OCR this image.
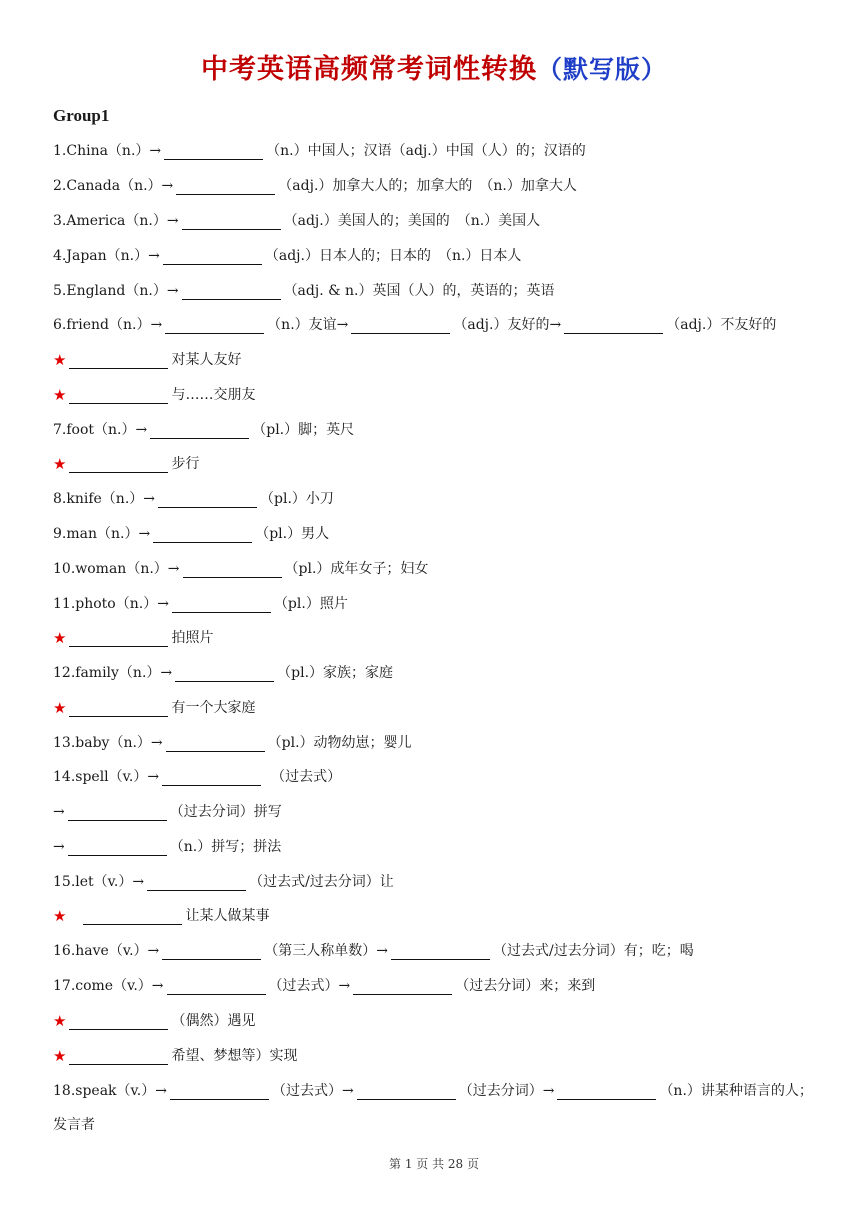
中考英语高频常考词性转换（默写版）
Group1
1.China（n.）→	（n.）中国人；汉语（adj.）中国（人）的；汉语的
2.Canada（n.）→	（adj.）加拿大人的；加拿大的　（n.）加拿大人
3.America（n.）→	（adj.）美国人的；美国的　（n.）美国人
4.Japan（n.）→	（adj.）日本人的；日本的　（n.）日本人
5.England（n.）→	（adj. & n.）英国（人）的，英语的；英语
6.friend（n.）→	（n.）友谊→	（adj.）友好的→	（adj.）不友好的
★	对某人友好
★	与……交朋友
7.foot（n.）→	（pl.）脚；英尺
★	步行
8.knife（n.）→	（pl.）小刀
9.man（n.）→	（pl.）男人
10.woman（n.）→	（pl.）成年女子；妇女
11.photo（n.）→	（pl.）照片
★	拍照片
12.family（n.）→	（pl.）家族；家庭
★	有一个大家庭
13.baby（n.）→	（pl.）动物幼崽；婴儿
14.spell（v.）→	　（过去式）
→	（过去分词）拼写
→	（n.）拼写；拼法
15.let（v.）→	（过去式/过去分词）让
★　	让某人做某事
16.have（v.）→	（第三人称单数）→	（过去式/过去分词）有；吃；喝
17.come（v.）→	（过去式）→	（过去分词）来；来到
★	（偶然）遇见
★	希望、梦想等）实现
18.speak（v.）→	（过去式）→	（过去分词）→	（n.）讲某种语言的人；
发言者
第 1 页 共 28 页
